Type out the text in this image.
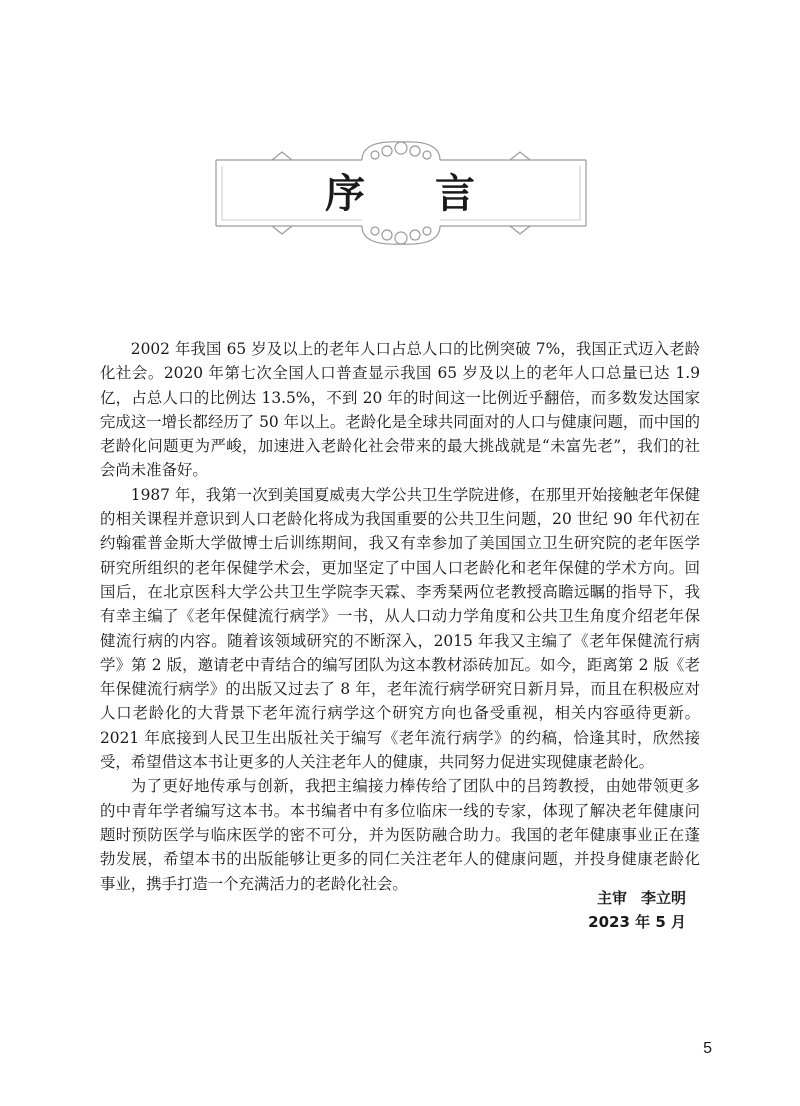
序 言

2002 年我国 65 岁及以上的老年人口占总人口的比例突破 7%，我国正式迈入老龄化社会。2020 年第七次全国人口普查显示我国 65 岁及以上的老年人口总量已达 1.9 亿，占总人口的比例达 13.5%，不到 20 年的时间这一比例近乎翻倍，而多数发达国家完成这一增长都经历了 50 年以上。老龄化是全球共同面对的人口与健康问题，而中国的老龄化问题更为严峻，加速进入老龄化社会带来的最大挑战就是“未富先老”，我们的社会尚未准备好。

1987 年，我第一次到美国夏威夷大学公共卫生学院进修，在那里开始接触老年保健的相关课程并意识到人口老龄化将成为我国重要的公共卫生问题，20 世纪 90 年代初在约翰霍普金斯大学做博士后训练期间，我又有幸参加了美国国立卫生研究院的老年医学研究所组织的老年保健学术会，更加坚定了中国人口老龄化和老年保健的学术方向。回国后，在北京医科大学公共卫生学院李天霖、李秀琹两位老教授高瞻远瞩的指导下，我有幸主编了《老年保健流行病学》一书，从人口动力学角度和公共卫生角度介绍老年保健流行病的内容。随着该领域研究的不断深入，2015 年我又主编了《老年保健流行病学》第 2 版，邀请老中青结合的编写团队为这本教材添砖加瓦。如今，距离第 2 版《老年保健流行病学》的出版又过去了 8 年，老年流行病学研究日新月异，而且在积极应对人口老龄化的大背景下老年流行病学这个研究方向也备受重视，相关内容亟待更新。2021 年底接到人民卫生出版社关于编写《老年流行病学》的约稿，恰逢其时，欣然接受，希望借这本书让更多的人关注老年人的健康，共同努力促进实现健康老龄化。

为了更好地传承与创新，我把主编接力棒传给了团队中的吕筠教授，由她带领更多的中青年学者编写这本书。本书编者中有多位临床一线的专家，体现了解决老年健康问题时预防医学与临床医学的密不可分，并为医防融合助力。我国的老年健康事业正在蓬勃发展，希望本书的出版能够让更多的同仁关注老年人的健康问题，并投身健康老龄化事业，携手打造一个充满活力的老龄化社会。

主审 李立明
2023 年 5 月
5
